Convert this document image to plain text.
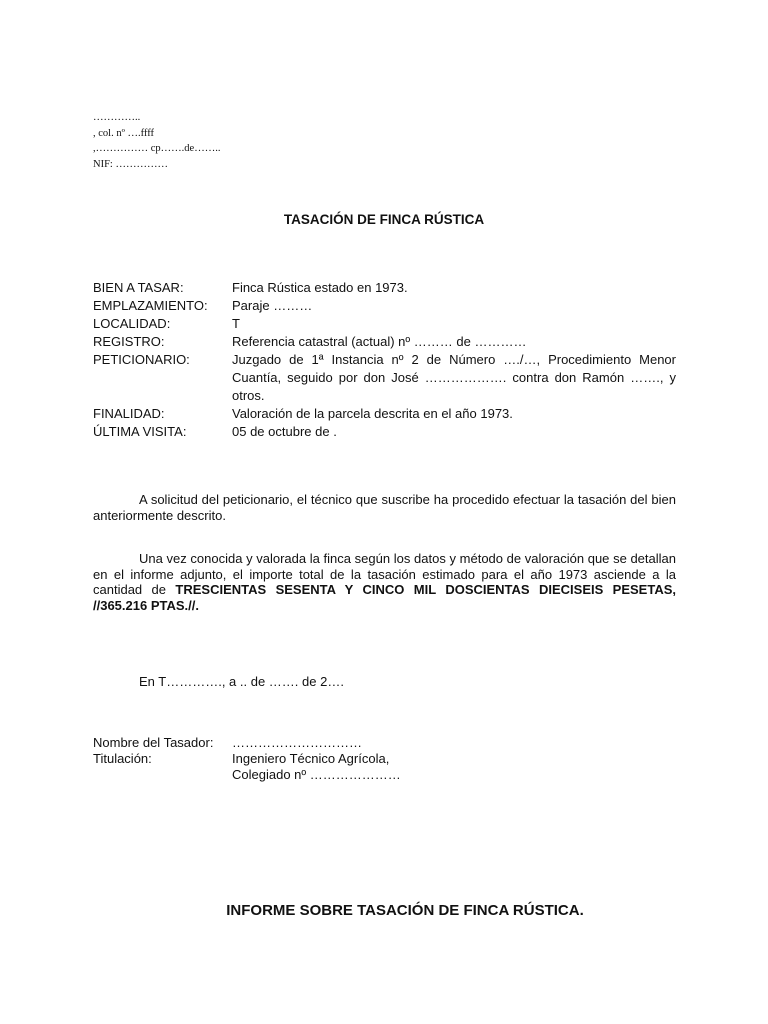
…………..
, col. nº ….ffff
,…………… cp…….de……..
NIF: ……………
TASACIÓN DE FINCA RÚSTICA
BIEN A TASAR:	Finca Rústica estado en 1973.
EMPLAZAMIENTO:	Paraje ………
LOCALIDAD:	T
REGISTRO:	Referencia catastral (actual) nº ……… de …………
PETICIONARIO:	Juzgado de 1ª Instancia nº 2 de Número …./…, Procedimiento Menor Cuantía, seguido por don José ………………. contra don Ramón ……., y otros.
FINALIDAD:	Valoración de la parcela descrita en el año 1973.
ÚLTIMA VISITA:	05 de octubre de .
A solicitud del peticionario, el técnico que suscribe ha procedido efectuar la tasación del bien anteriormente descrito.
Una vez conocida y valorada la finca según los datos y método de valoración que se detallan en el informe adjunto, el importe total de la tasación estimado para el año 1973 asciende a la cantidad de TRESCIENTAS SESENTA Y CINCO MIL DOSCIENTAS DIECISEIS PESETAS, //365.216 PTAS.//.
En T…………., a .. de ……. de 2….
Nombre del Tasador:	…………………………
Titulación:	Ingeniero Técnico Agrícola,
Colegiado nº …………………
INFORME SOBRE TASACIÓN DE FINCA RÚSTICA.
